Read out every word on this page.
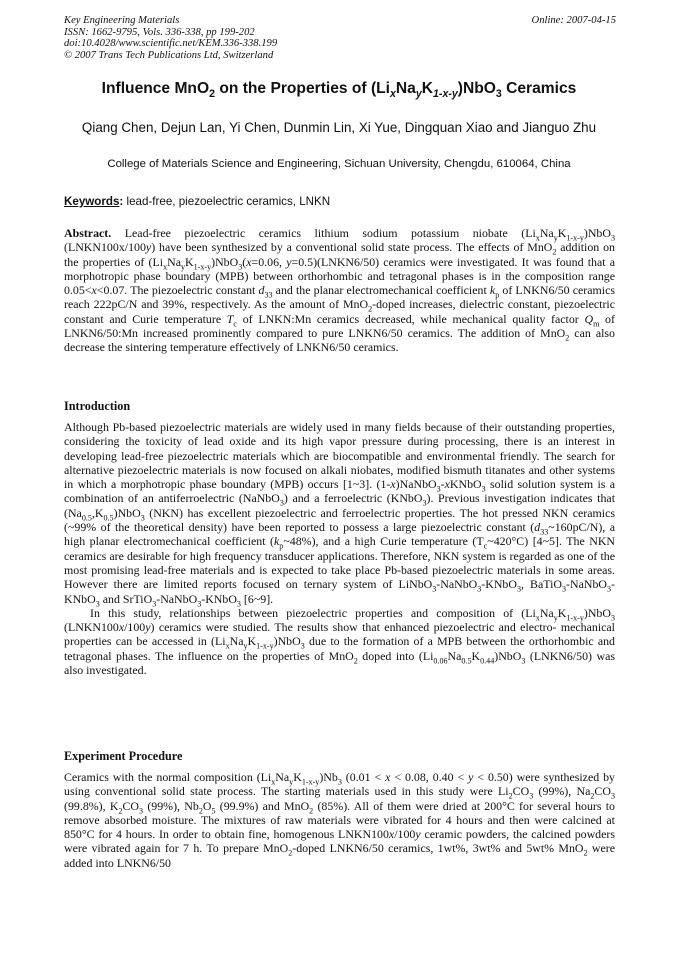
Key Engineering Materials
ISSN: 1662-9795, Vols. 336-338, pp 199-202
doi:10.4028/www.scientific.net/KEM.336-338.199
© 2007 Trans Tech Publications Ltd, Switzerland
Online: 2007-04-15
Influence MnO$_2$ on the Properties of $(Li_xNa_yK_{1-x-y})NbO_3$ Ceramics
Qiang Chen, Dejun Lan, Yi Chen, Dunmin Lin, Xi Yue, Dingquan Xiao and Jianguo Zhu
College of Materials Science and Engineering, Sichuan University, Chengdu, 610064, China
Keywords: lead-free, piezoelectric ceramics, LNKN

Abstract. Lead-free piezoelectric ceramics lithium sodium potassium niobate $(Li_xNa_yK_{1-x-y})NbO_3$ (LNKN100x/100y) have been synthesized by a conventional solid state process. The effects of MnO$_2$ addition on the properties of $(Li_xNa_yK_{1-x-y})NbO_3(x=0.06$, y=0.5)(LNKN6/50) ceramics were investigated. It was found that a morphotropic phase boundary (MPB) between orthorhombic and tetragonal phases is in the composition range 0.05<x<0.07. The piezoelectric constant $d_{33}$ and the planar electromechanical coefficient $k_p$ of LNKN6/50 ceramics reach 222pC/N and 39%, respectively. As the amount of MnO$_2$-doped increases, dielectric constant, piezoelectric constant and Curie temperature $T_c$ of LNKN:Mn ceramics decreased, while mechanical quality factor $Q_m$ of LNKN6/50:Mn increased prominently compared to pure LNKN6/50 ceramics. The addition of MnO$_2$ can also decrease the sintering temperature effectively of LNKN6/50 ceramics.

Introduction

Although Pb-based piezoelectric materials are widely used in many fields because of their outstanding properties, considering the toxicity of lead oxide and its high vapor pressure during processing, there is an interest in developing lead-free piezoelectric materials which are biocompatible and environmental friendly. The search for alternative piezoelectric materials is now focused on alkali niobates, modified bismuth titanates and other systems in which a morphotropic phase boundary (MPB) occurs [1~3]. (1-x)NaNbO$_3$-xKNbO$_3$ solid solution system is a combination of an antiferroelectric (NaNbO$_3$) and a ferroelectric (KNbO$_3$). Previous investigation indicates that $(Na_{0.5},K_{0.5})NbO_3$ (NKN) has excellent piezoelectric and ferroelectric properties. The hot pressed NKN ceramics (~99% of the theoretical density) have been reported to possess a large piezoelectric constant $(d_{33}\sim 160pC/N)$, a high planar electromechanical coefficient $(k_p\sim 48\%)$, and a high Curie temperature $(T_c\sim 420^\circ C)$ [4~5]. The NKN ceramics are desirable for high frequency transducer applications. Therefore, NKN system is regarded as one of the most promising lead-free materials and is expected to take place Pb-based piezoelectric materials in some areas. However there are limited reports focused on ternary system of LiNbO$_3$-NaNbO$_3$-KNbO$_3$, BaTiO$_3$-NaNbO$_3$-KNbO$_3$ and SrTiO$_3$-NaNbO$_3$-KNbO$_3$ [6~9].

In this study, relationships between piezoelectric properties and composition of $(Li_xNa_yK_{1-x-y})NbO_3$ (LNKN100x/100y) ceramics were studied. The results show that enhanced piezoelectric and electro- mechanical properties can be accessed in $(Li_xNa_yK_{1-x-y})NbO_3$ due to the formation of a MPB between the orthorhombic and tetragonal phases. The influence on the properties of MnO$_2$ doped into $(Li_{0.06}Na_{0.5}K_{0.44})NbO_3$ (LNKN6/50) was also investigated.

Experiment Procedure

Ceramics with the normal composition $(Li_xNa_yK_{1-x-y})Nb_3$ (0.01 < x < 0.08, 0.40 < y < 0.50) were synthesized by using conventional solid state process. The starting materials used in this study were $Li_2CO_3$ (99%), $Na_2CO_3$ (99.8%), $K_2CO_3$ (99%), $Nb_2O_5$ (99.9%) and MnO$_2$ (85%). All of them were dried at 200°C for several hours to remove absorbed moisture. The mixtures of raw materials were vibrated for 4 hours and then were calcined at 850°C for 4 hours. In order to obtain fine, homogenous LNKN100x/100y ceramic powders, the calcined powders were vibrated again for 7 h. To prepare MnO$_2$-doped LNKN6/50 ceramics, 1wt%, 3wt% and 5wt% MnO$_2$ were added into LNKN6/50
